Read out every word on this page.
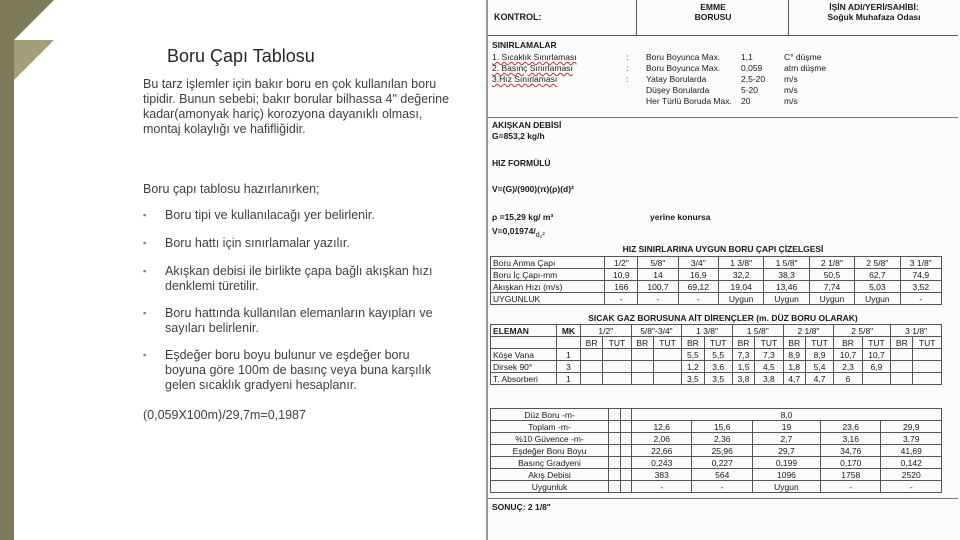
Boru Çapı Tablosu
Bu tarz işlemler için bakır boru en çok kullanılan boru tipidir. Bunun sebebi; bakır borular bilhassa 4" değerine kadar(amonyak hariç) korozyona dayanıklı olması, montaj kolaylığı ve hafifliğidir.
Boru çapı tablosu hazırlanırken;
▪ Boru tipi ve kullanılacağı yer belirlenir.
▪ Boru hattı için sınırlamalar yazılır.
▪ Akışkan debisi ile birlikte çapa bağlı akışkan hızı denklemi türetilir.
▪ Boru hattında kullanılan elemanların kayıpları ve sayıları belirlenir.
▪ Eşdeğer boru boyu bulunur ve eşdeğer boru boyuna göre 100m de basınç veya buna karşılık gelen sıcaklık gradyeni hesaplanır.
(0,059X100m)/29,7m=0,1987
KONTROL:
EMME
BORUSU
İŞİN ADI/YERİ/SAHİBİ:
Soğuk Muhafaza Odası
SINIRLAMALAR
1. Sıcaklık Sınırlaması	: Boru Boyunca Max. 1,1	C° düşme
2. Basınç Sınırlaması	: Boru Boyunca Max. 0,059	atm düşme
3.Hız Sınırlaması	: Yatay Borularda	2,5-20 m/s
Düşey Borularda	5-20	m/s
Her Türlü Boruda Max. 20	m/s
AKIŞKAN DEBİSİ
G=853,2 kg/h
HIZ FORMÜLÜ
V=(G)/(900)(π)(ρ)(d)²
ρ =15,29 kg/ m³	yerine konursa
$V=0,01974/_{d_2^2}$
HIZ SINIRLARINA UYGUN BORU ÇAPI ÇİZELGESİ
Boru Anma Çapı	1/2"	5/8"	3/4"	1 3/8"	1 5/8"	2 1/8"	2 5/8"	3 1/8"
Boru İç Çapı-mm	10,9	14	16,9	32,2	38,3	50,5	62,7	74,9
Akışkan Hızı (m/s)	166	100,7	69,12	19,04	13,46	7,74	5,03	3,52
UYGUNLUK	-	-	-	Uygun	Uygun	Uygun	Uygun	-
SICAK GAZ BORUSUNA AİT DİRENÇLER (m. DÜZ BORU OLARAK)
ELEMAN	MK	1/2"		5/8"-3/4"		1 3/8"		1 5/8"		2 1/8"		2 5/8"		3 1/8"	
		BR	TUT	BR	TUT	BR	TUT	BR	TUT	BR	TUT	BR	TUT	BR	TUT
Köşe Vana	1					5,5	5,5	7,3	7,3	8,9	8,9	10,7	10,7		
Dirsek 90°	3					1,2	3,6	1,5	4,5	1,8	5,4	2,3	6,9		
T. Absorberi	1					3,5	3,5	3,8	3,8	4,7	4,7	6			
Düz Boru -m-			8,0				
Toplam -m-			12,6	15,6	19	23,6	29,9
%10 Güvence -m-			2,06	2,36	2,7	3,16	3,79
Eşdeğer Boru Boyu			22,66	25,96	29,7	34,76	41,69
Basınç Gradyeni			0,243	0,227	0,199	0,170	0,142
Akış Debisi			383	564	1096	1758	2520
Uygunluk			-	-	Uygun	-	-
SONUÇ: 2 1/8"
